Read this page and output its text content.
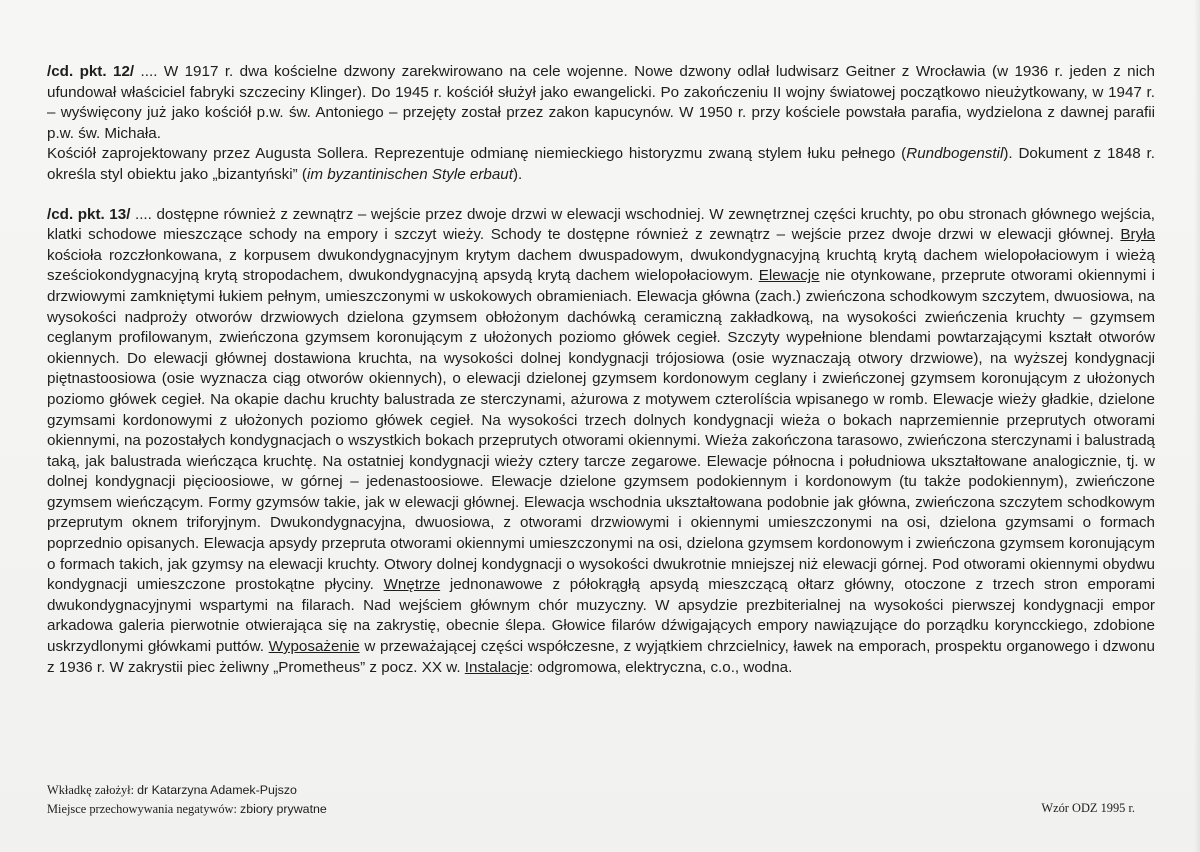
/cd. pkt. 12/ .... W 1917 r. dwa kościelne dzwony zarekwirowano na cele wojenne. Nowe dzwony odlał ludwisarz Geitner z Wrocławia (w 1936 r. jeden z nich ufundował właściciel fabryki szczeciny Klinger). Do 1945 r. kościół służył jako ewangelicki. Po zakończeniu II wojny światowej początkowo nieużytkowany, w 1947 r. – wyświęcony już jako kościół p.w. św. Antoniego – przejęty został przez zakon kapucynów. W 1950 r. przy kościele powstała parafia, wydzielona z dawnej parafii p.w. św. Michała.

Kościół zaprojektowany przez Augusta Sollera. Reprezentuje odmianę niemieckiego historyzmu zwaną stylem łuku pełnego (Rundbogenstil). Dokument z 1848 r. określa styl obiektu jako „bizantyński” (im byzantinischen Style erbaut).

/cd. pkt. 13/ .... dostępne również z zewnątrz – wejście przez dwoje drzwi w elewacji wschodniej. W zewnętrznej części kruchty, po obu stronach głównego wejścia, klatki schodowe mieszczące schody na empory i szczyt wieży. Schody te dostępne również z zewnątrz – wejście przez dwoje drzwi w elewacji głównej. Bryła kościoła rozczłonkowana, z korpusem dwukondygnacyjnym krytym dachem dwuspadowym, dwukondygnacyjną kruchtą krytą dachem wielopołaciowym i wieżą sześciokondygnacyjną krytą stropodachem, dwukondygnacyjną apsydą krytą dachem wielopołaciowym. Elewacje nie otynkowane, przeprute otworami okiennymi i drzwiowymi zamkniętymi łukiem pełnym, umieszczonymi w uskokowych obramieniach. Elewacja główna (zach.) zwieńczona schodkowym szczytem, dwuosiowa, na wysokości nadproży otworów drzwiowych dzielona gzymsem obłożonym dachówką ceramiczną zakładkową, na wysokości zwieńczenia kruchty – gzymsem ceglanym profilowanym, zwieńczona gzymsem koronującym z ułożonych poziomo główek cegieł. Szczyty wypełnione blendami powtarzającymi kształt otworów okiennych. Do elewacji głównej dostawiona kruchta, na wysokości dolnej kondygnacji trójosiowa (osie wyznaczają otwory drzwiowe), na wyższej kondygnacji piętnastoosiowa (osie wyznacza ciąg otworów okiennych), o elewacji dzielonej gzymsem kordonowym ceglany i zwieńczonej gzymsem koronującym z ułożonych poziomo główek cegieł. Na okapie dachu kruchty balustrada ze sterczynami, ażurowa z motywem czterolíścia wpisanego w romb. Elewacje wieży gładkie, dzielone gzymsami kordonowymi z ułożonych poziomo główek cegieł. Na wysokości trzech dolnych kondygnacji wieża o bokach naprzemiennie przeprutych otworami okiennymi, na pozostałych kondygnacjach o wszystkich bokach przeprutych otworami okiennymi. Wieża zakończona tarasowo, zwieńczona sterczynami i balustradą taką, jak balustrada wieńcząca kruchtę. Na ostatniej kondygnacji wieży cztery tarcze zegarowe. Elewacje północna i południowa ukształtowane analogicznie, tj. w dolnej kondygnacji pięcioosiowe, w górnej – jedenastoosiowe. Elewacje dzielone gzymsem podokiennym i kordonowym (tu także podokiennym), zwieńczone gzymsem wieńczącym. Formy gzymsów takie, jak w elewacji głównej. Elewacja wschodnia ukształtowana podobnie jak główna, zwieńczona szczytem schodkowym przeprutym oknem triforyjnym. Dwukondygnacyjna, dwuosiowa, z otworami drzwiowymi i okiennymi umieszczonymi na osi, dzielona gzymsami o formach poprzednio opisanych. Elewacja apsydy przepruta otworami okiennymi umieszczonymi na osi, dzielona gzymsem kordonowym i zwieńczona gzymsem koronującym o formach takich, jak gzymsy na elewacji kruchty. Otwory dolnej kondygnacji o wysokości dwukrotnie mniejszej niż elewacji górnej. Pod otworami okiennymi obydwu kondygnacji umieszczone prostokątne płyciny. Wnętrze jednonawowe z półokrągłą apsydą mieszczącą ołtarz główny, otoczone z trzech stron emporami dwukondygnacyjnymi wspartymi na filarach. Nad wejściem głównym chór muzyczny. W apsydzie prezbiterialnej na wysokości pierwszej kondygnacji empor arkadowa galeria pierwotnie otwierająca się na zakrystię, obecnie ślepa. Głowice filarów dźwigających empory nawiązujące do porządku koryncckiego, zdobione uskrzydlonymi główkami puttów. Wyposażenie w przeważającej części współczesne, z wyjątkiem chrzcielnicy, ławek na emporach, prospektu organowego i dzwonu z 1936 r. W zakrystii piec żeliwny „Prometheus” z pocz. XX w. Instalacje: odgromowa, elektryczna, c.o., wodna.

Wkładkę założył: dr Katarzyna Adamek-Pujszo
Miejsce przechowywania negatywów: zbiory prywatne	Wzór ODZ 1995 r.
